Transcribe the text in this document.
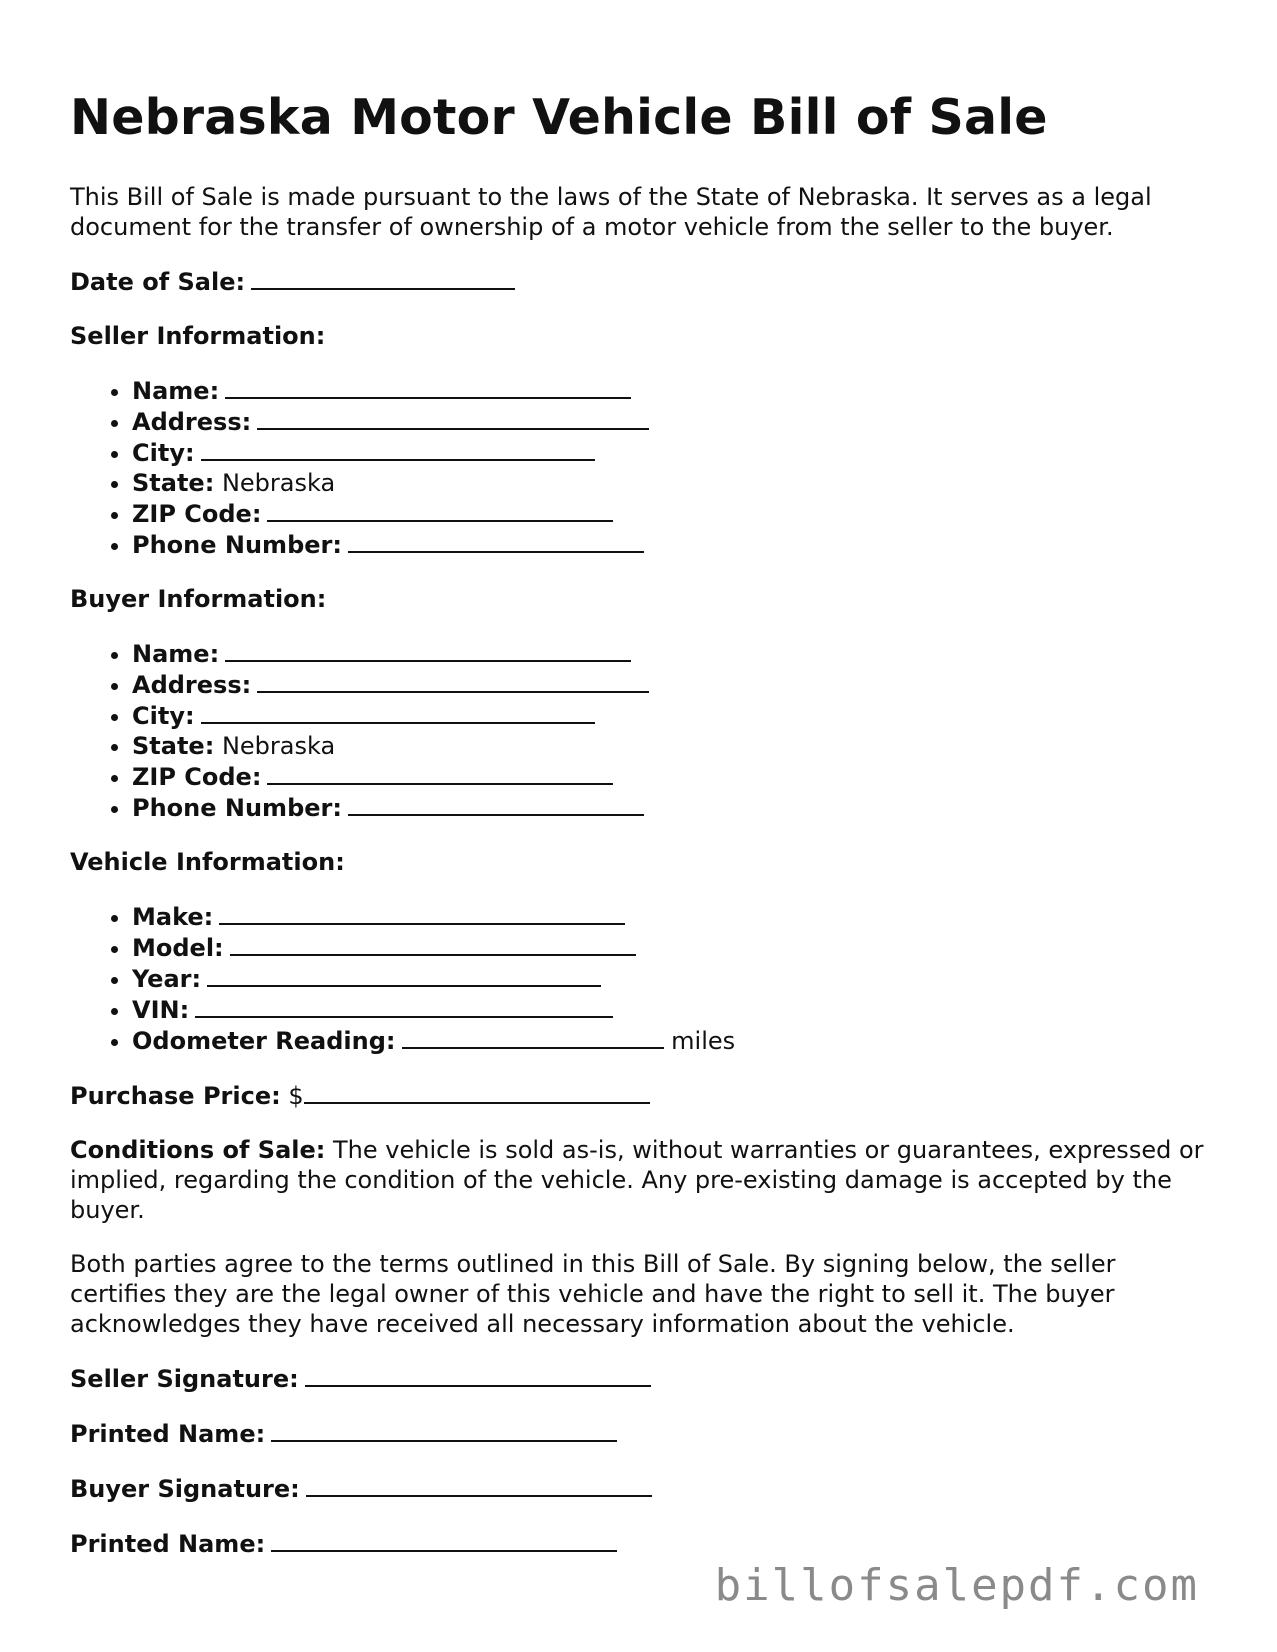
Nebraska Motor Vehicle Bill of Sale

This Bill of Sale is made pursuant to the laws of the State of Nebraska. It serves as a legal document for the transfer of ownership of a motor vehicle from the seller to the buyer.

Date of Sale:

Seller Information:

• Name:
• Address:
• City:
• State: Nebraska
• ZIP Code:
• Phone Number:

Buyer Information:

• Name:
• Address:
• City:
• State: Nebraska
• ZIP Code:
• Phone Number:

Vehicle Information:

• Make:
• Model:
• Year:
• VIN:
• Odometer Reading:	miles

Purchase Price: $

Conditions of Sale: The vehicle is sold as-is, without warranties or guarantees, expressed or implied, regarding the condition of the vehicle. Any pre-existing damage is accepted by the buyer.

Both parties agree to the terms outlined in this Bill of Sale. By signing below, the seller certifies they are the legal owner of this vehicle and have the right to sell it. The buyer acknowledges they have received all necessary information about the vehicle.

Seller Signature:

Printed Name:

Buyer Signature:

Printed Name:

billofsalepdf.com
